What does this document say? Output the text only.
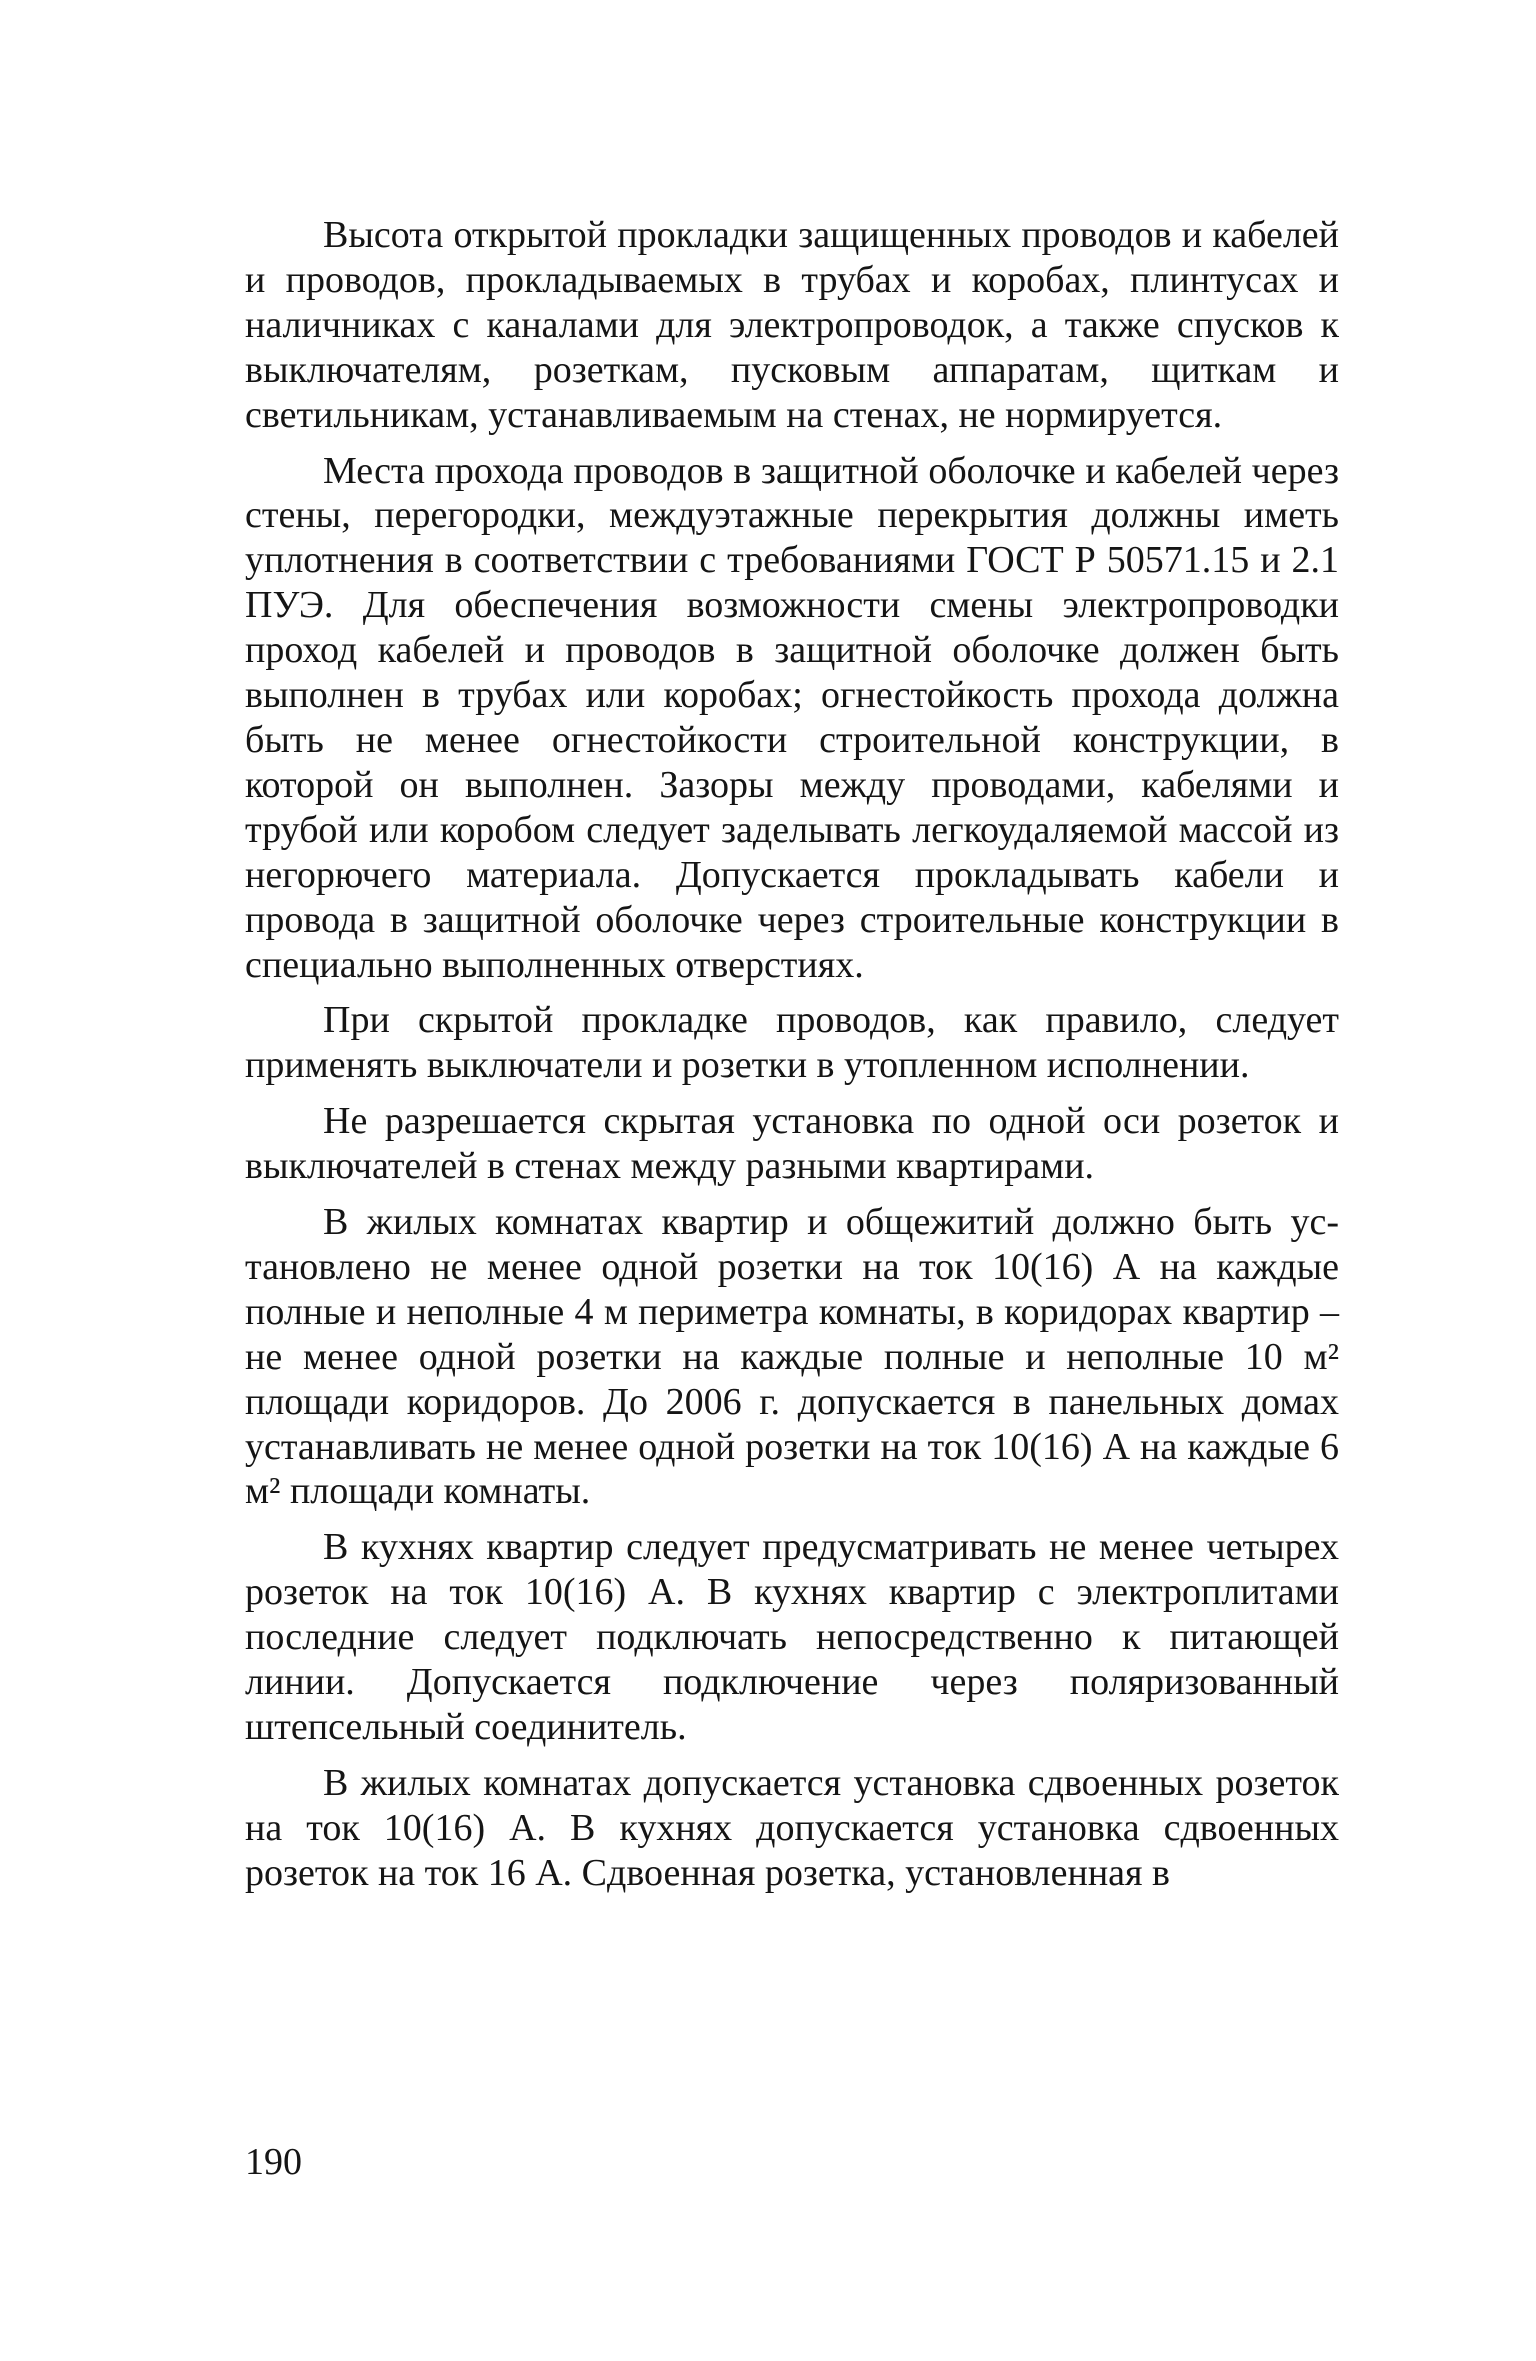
Высота открытой прокладки защищенных проводов и кабелей и проводов, прокладываемых в трубах и коробах, плинтусах и наличниках с каналами для электропроводок, а также спусков к выключателям, розеткам, пусковым аппаратам, щиткам и светильникам, устанавливаемым на стенах, не нормируется.

Места прохода проводов в защитной оболочке и кабелей через стены, перегородки, междуэтажные перекрытия должны иметь уплотнения в соответствии с требованиями ГОСТ Р 50571.15 и 2.1 ПУЭ. Для обеспечения возможности смены электропроводки проход кабелей и проводов в защитной оболочке должен быть выполнен в трубах или коробах; огнестойкость прохода должна быть не менее огнестойкости строительной конструкции, в которой он выполнен. Зазоры между проводами, кабелями и трубой или коробом следует заделывать легкоудаляемой массой из негорючего материала. Допускается прокладывать кабели и провода в защитной оболочке через строительные конструкции в специально выполненных отверстиях.

При скрытой прокладке проводов, как правило, следует применять выключатели и розетки в утопленном исполнении.

Не разрешается скрытая установка по одной оси розеток и выключателей в стенах между разными квартирами.

В жилых комнатах квартир и общежитий должно быть установлено не менее одной розетки на ток 10(16) А на каждые полные и неполные 4 м периметра комнаты, в коридорах квартир – не менее одной розетки на каждые полные и неполные 10 м² площади коридоров. До 2006 г. допускается в панельных домах устанавливать не менее одной розетки на ток 10(16) А на каждые 6 м² площади комнаты.

В кухнях квартир следует предусматривать не менее четырех розеток на ток 10(16) А. В кухнях квартир с электроплитами последние следует подключать непосредственно к питающей линии. Допускается подключение через поляризованный штепсельный соединитель.

В жилых комнатах допускается установка сдвоенных розеток на ток 10(16) А. В кухнях допускается установка сдвоенных розеток на ток 16 А. Сдвоенная розетка, установленная в

190
